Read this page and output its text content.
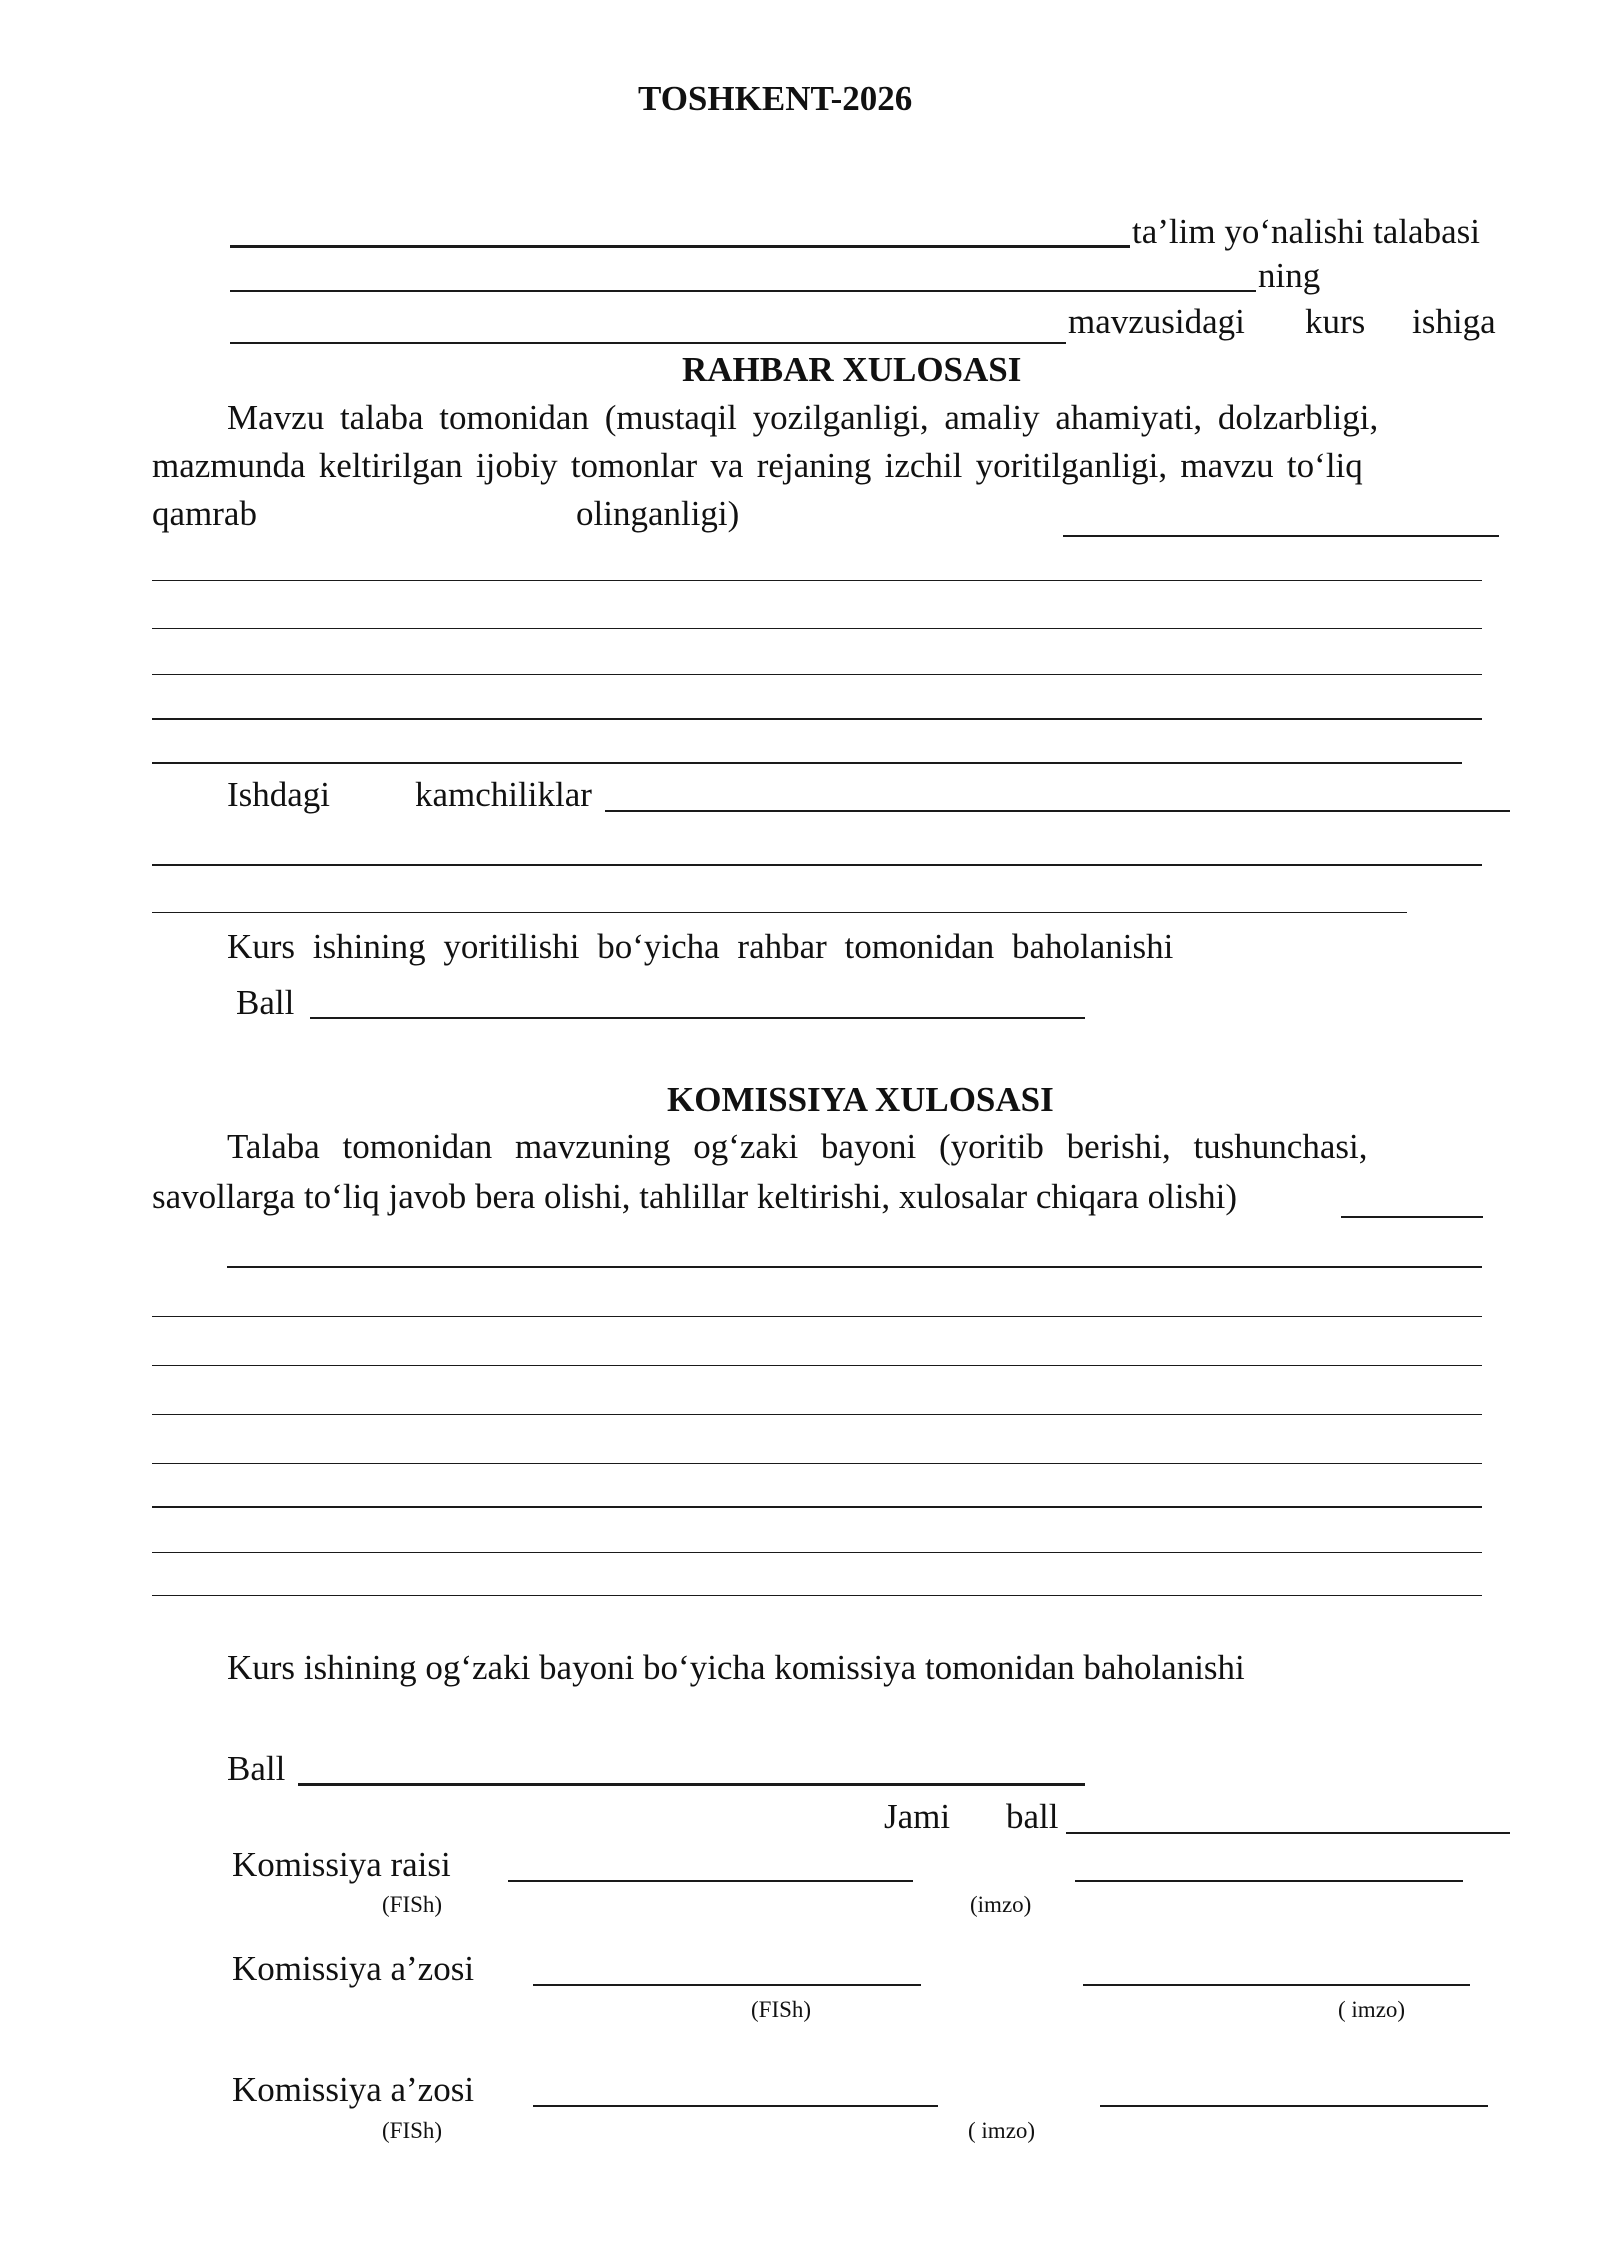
TOSHKENT-2026
ta’lim yo‘nalishi talabasi
ning
mavzusidagi kurs ishiga
RAHBAR XULOSASI
Mavzu talaba tomonidan (mustaqil yozilganligi, amaliy ahamiyati, dolzarbligi,
mazmunda keltirilgan ijobiy tomonlar va rejaning izchil yoritilganligi, mavzu to‘liq
qamrab	olinganligi)
Ishdagi kamchiliklar
Kurs ishining yoritilishi bo‘yicha rahbar tomonidan baholanishi
Ball
KOMISSIYA XULOSASI
Talaba tomonidan mavzuning og‘zaki bayoni (yoritib berishi, tushunchasi,
savollarga to‘liq javob bera olishi, tahlillar keltirishi, xulosalar chiqara olishi)
Kurs ishining og‘zaki bayoni bo‘yicha komissiya tomonidan baholanishi
Ball
Jami ball
Komissiya raisi
(FISh)	(imzo)
Komissiya a’zosi
(FISh)	( imzo)
Komissiya a’zosi
(FISh)	( imzo)
